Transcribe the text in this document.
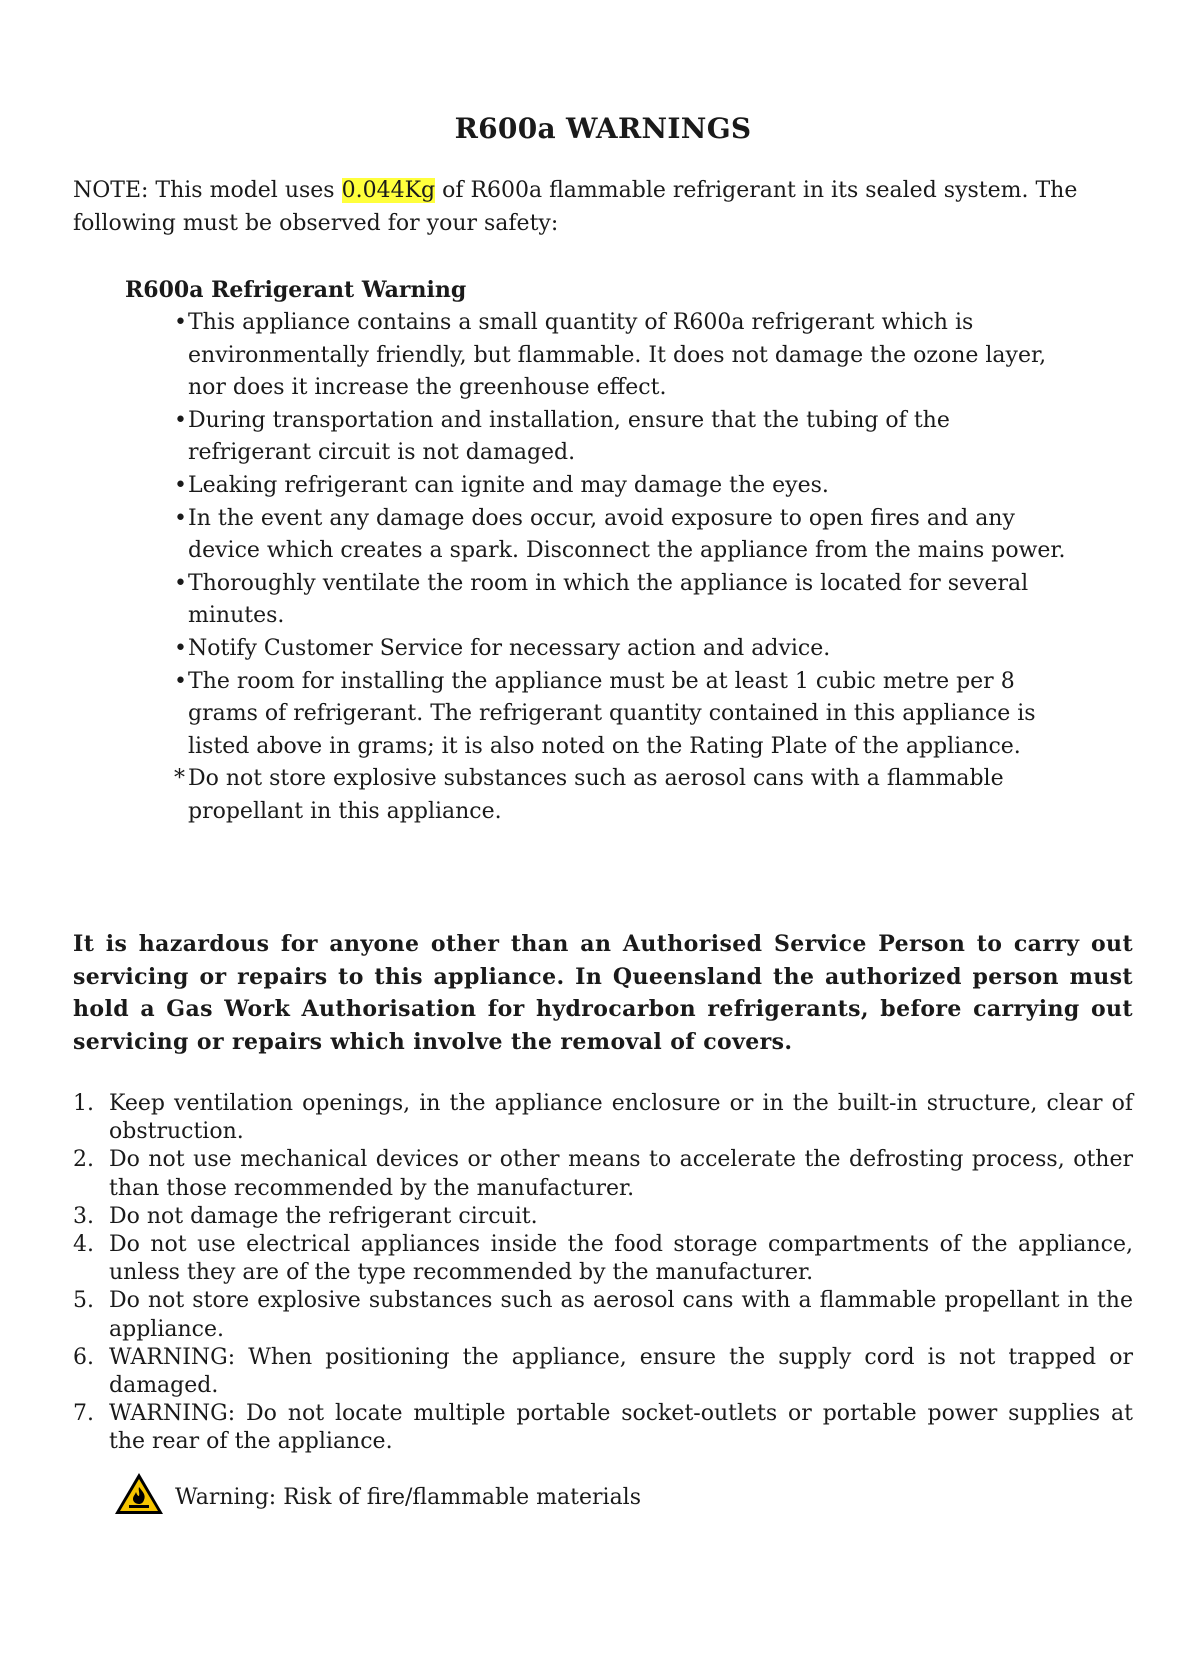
R600a WARNINGS

NOTE: This model uses 0.044Kg of R600a flammable refrigerant in its sealed system. The following must be observed for your safety:

R600a Refrigerant Warning
• This appliance contains a small quantity of R600a refrigerant which is environmentally friendly, but flammable. It does not damage the ozone layer, nor does it increase the greenhouse effect.
• During transportation and installation, ensure that the tubing of the refrigerant circuit is not damaged.
• Leaking refrigerant can ignite and may damage the eyes.
• In the event any damage does occur, avoid exposure to open fires and any device which creates a spark. Disconnect the appliance from the mains power.
• Thoroughly ventilate the room in which the appliance is located for several minutes.
• Notify Customer Service for necessary action and advice.
• The room for installing the appliance must be at least 1 cubic metre per 8 grams of refrigerant. The refrigerant quantity contained in this appliance is listed above in grams; it is also noted on the Rating Plate of the appliance.
* Do not store explosive substances such as aerosol cans with a flammable propellant in this appliance.

It is hazardous for anyone other than an Authorised Service Person to carry out servicing or repairs to this appliance. In Queensland the authorized person must hold a Gas Work Authorisation for hydrocarbon refrigerants, before carrying out servicing or repairs which involve the removal of covers.

1. Keep ventilation openings, in the appliance enclosure or in the built-in structure, clear of obstruction.
2. Do not use mechanical devices or other means to accelerate the defrosting process, other than those recommended by the manufacturer.
3. Do not damage the refrigerant circuit.
4. Do not use electrical appliances inside the food storage compartments of the appliance, unless they are of the type recommended by the manufacturer.
5. Do not store explosive substances such as aerosol cans with a flammable propellant in the appliance.
6. WARNING: When positioning the appliance, ensure the supply cord is not trapped or damaged.
7. WARNING: Do not locate multiple portable socket-outlets or portable power supplies at the rear of the appliance.
Warning: Risk of fire/flammable materials
